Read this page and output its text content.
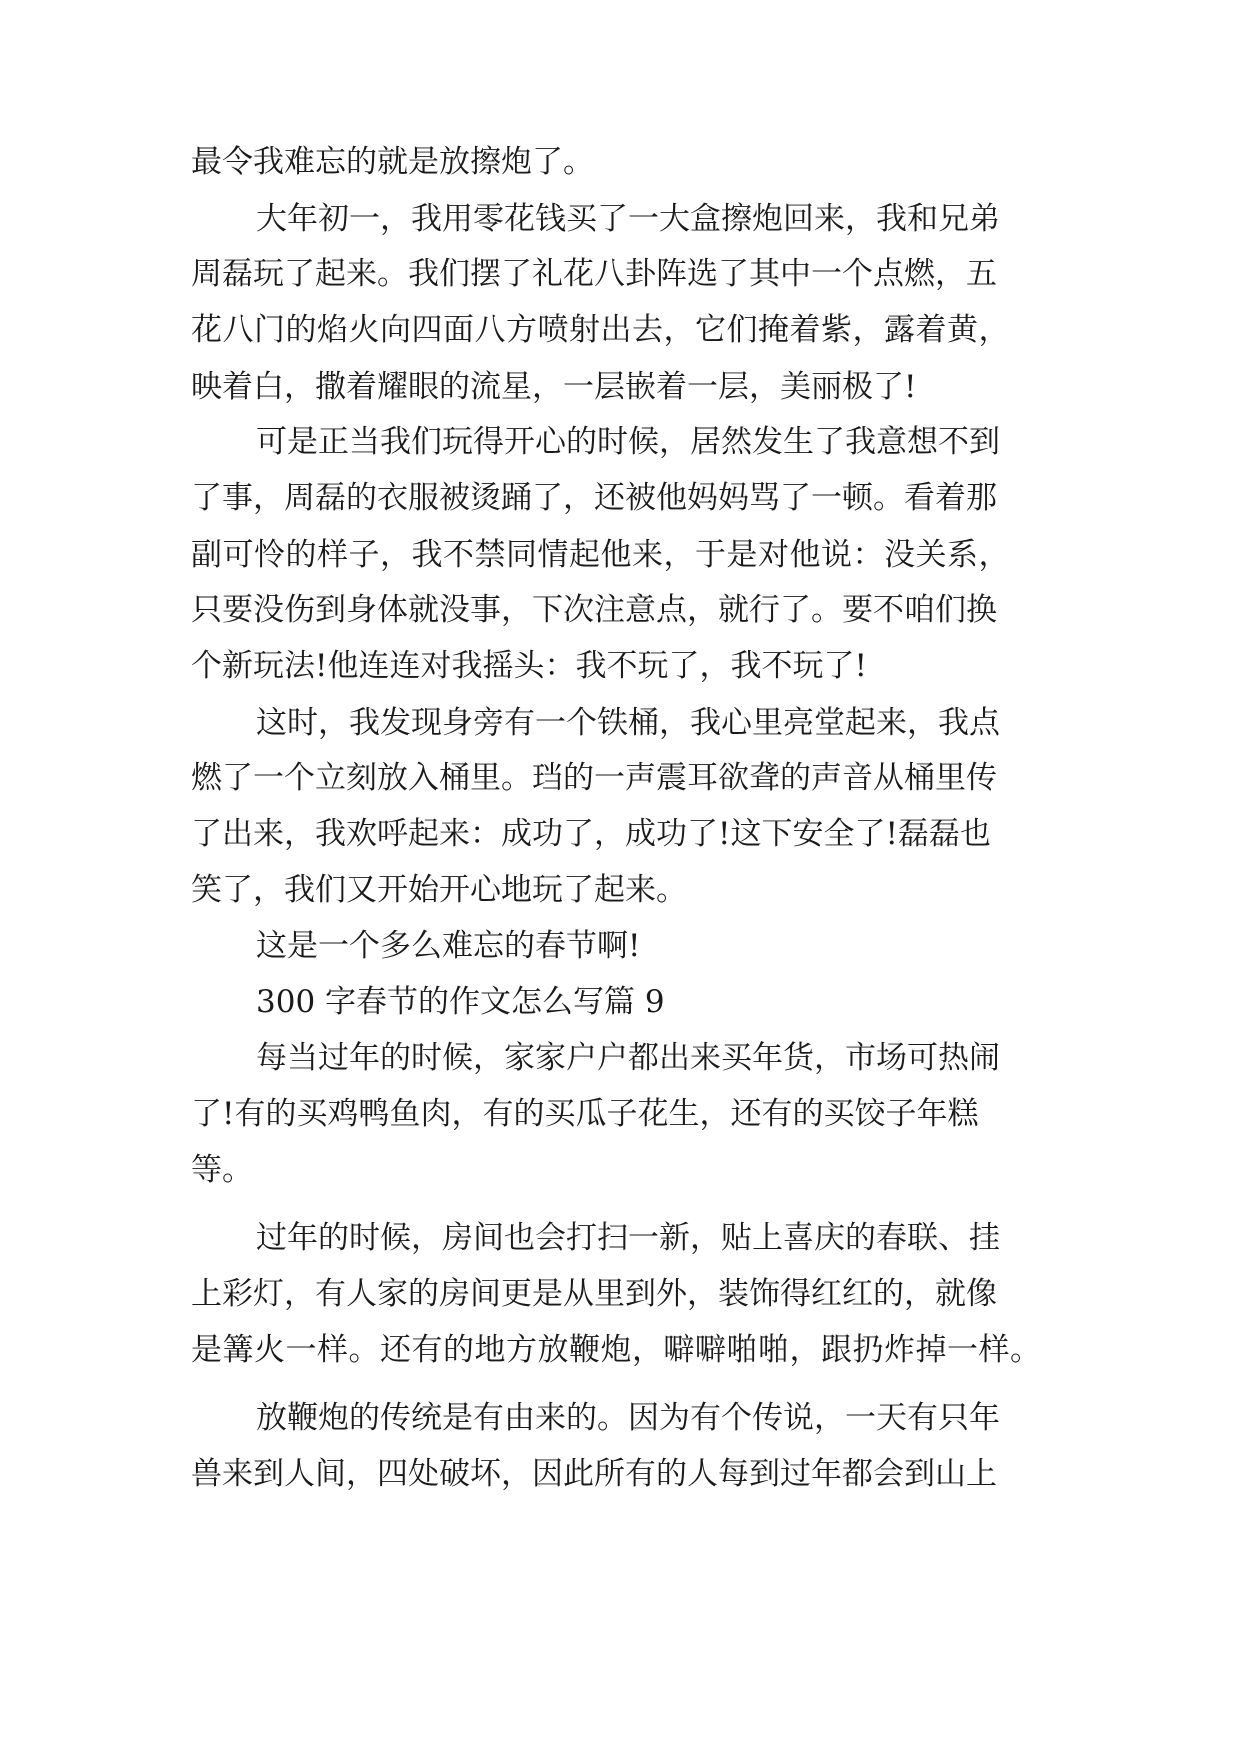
最令我难忘的就是放擦炮了。
大年初一，我用零花钱买了一大盒擦炮回来，我和兄弟
周磊玩了起来。我们摆了礼花八卦阵选了其中一个点燃，五
花八门的焰火向四面八方喷射出去，它们掩着紫，露着黄，
映着白，撒着耀眼的流星，一层嵌着一层，美丽极了!
可是正当我们玩得开心的时候，居然发生了我意想不到
了事，周磊的衣服被烫踊了，还被他妈妈骂了一顿。看着那
副可怜的样子，我不禁同情起他来，于是对他说：没关系，
只要没伤到身体就没事，下次注意点，就行了。要不咱们换
个新玩法!他连连对我摇头：我不玩了，我不玩了!
这时，我发现身旁有一个铁桶，我心里亮堂起来，我点
燃了一个立刻放入桶里。珰的一声震耳欲聋的声音从桶里传
了出来，我欢呼起来：成功了，成功了!这下安全了!磊磊也
笑了，我们又开始开心地玩了起来。
这是一个多么难忘的春节啊!
300 字春节的作文怎么写篇 9
每当过年的时候，家家户户都出来买年货，市场可热闹
了!有的买鸡鸭鱼肉，有的买瓜子花生，还有的买饺子年糕
等。
过年的时候，房间也会打扫一新，贴上喜庆的春联、挂
上彩灯，有人家的房间更是从里到外，装饰得红红的，就像
是篝火一样。还有的地方放鞭炮，噼噼啪啪，跟扔炸掉一样。
放鞭炮的传统是有由来的。因为有个传说，一天有只年
兽来到人间，四处破坏，因此所有的人每到过年都会到山上
